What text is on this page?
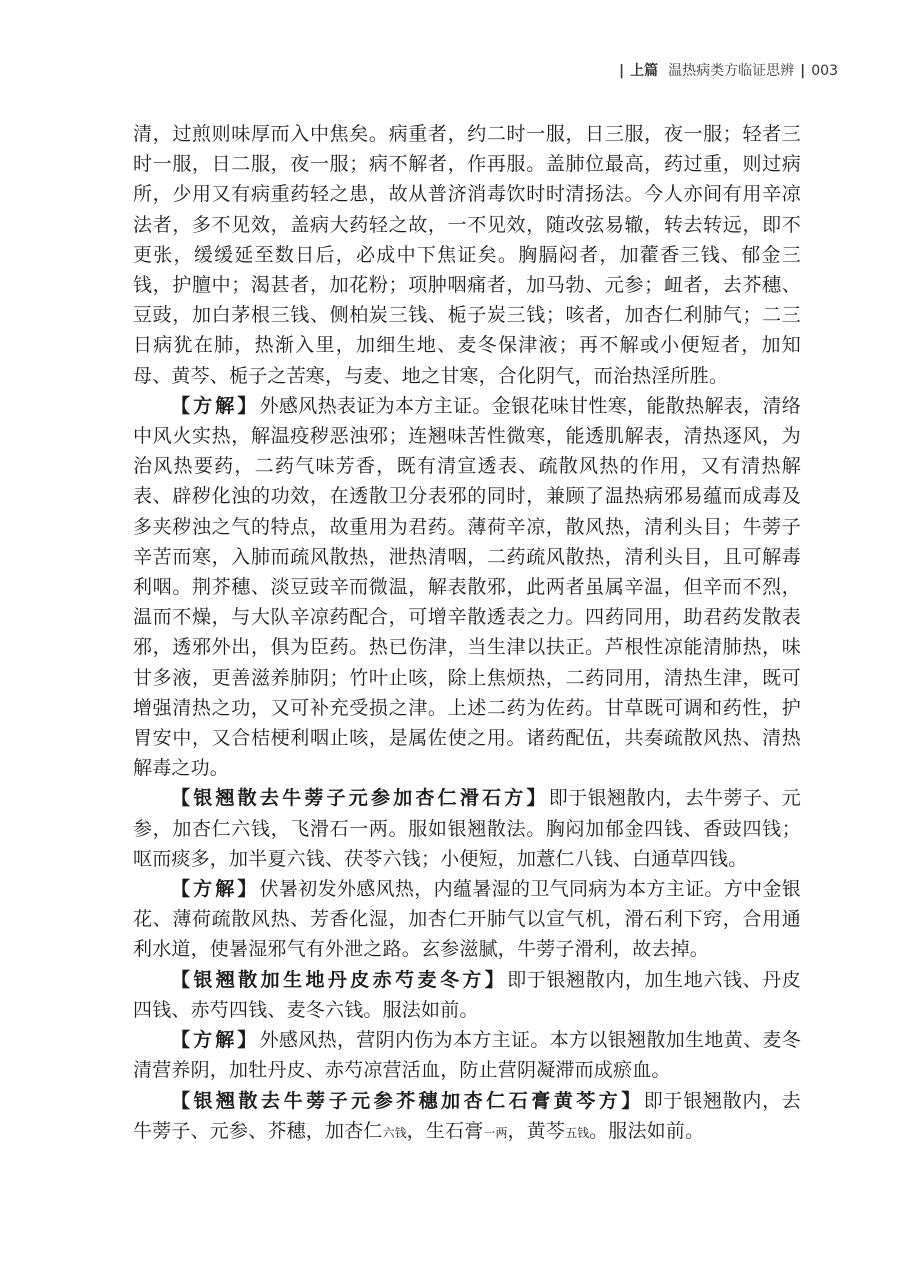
| 上篇 温热病类方临证思辨 | 003

清，过煎则味厚而入中焦矣。病重者，约二时一服，日三服，夜一服；轻者三时一服，日二服，夜一服；病不解者，作再服。盖肺位最高，药过重，则过病所，少用又有病重药轻之患，故从普济消毒饮时时清扬法。今人亦间有用辛凉法者，多不见效，盖病大药轻之故，一不见效，随改弦易辙，转去转远，即不更张，缓缓延至数日后，必成中下焦证矣。胸膈闷者，加藿香三钱、郁金三钱，护膻中；渴甚者，加花粉；项肿咽痛者，加马勃、元参；衄者，去芥穗、豆豉，加白茅根三钱、侧柏炭三钱、栀子炭三钱；咳者，加杏仁利肺气；二三日病犹在肺，热渐入里，加细生地、麦冬保津液；再不解或小便短者，加知母、黄芩、栀子之苦寒，与麦、地之甘寒，合化阴气，而治热淫所胜。

【方解】外感风热表证为本方主证。金银花味甘性寒，能散热解表，清络中风火实热，解温疫秽恶浊邪；连翘味苦性微寒，能透肌解表，清热逐风，为治风热要药，二药气味芳香，既有清宣透表、疏散风热的作用，又有清热解表、辟秽化浊的功效，在透散卫分表邪的同时，兼顾了温热病邪易蕴而成毒及多夹秽浊之气的特点，故重用为君药。薄荷辛凉，散风热，清利头目；牛蒡子辛苦而寒，入肺而疏风散热，泄热清咽，二药疏风散热，清利头目，且可解毒利咽。荆芥穗、淡豆豉辛而微温，解表散邪，此两者虽属辛温，但辛而不烈，温而不燥，与大队辛凉药配合，可增辛散透表之力。四药同用，助君药发散表邪，透邪外出，俱为臣药。热已伤津，当生津以扶正。芦根性凉能清肺热，味甘多液，更善滋养肺阴；竹叶止咳，除上焦烦热，二药同用，清热生津，既可增强清热之功，又可补充受损之津。上述二药为佐药。甘草既可调和药性，护胃安中，又合桔梗利咽止咳，是属佐使之用。诸药配伍，共奏疏散风热、清热解毒之功。

【银翘散去牛蒡子元参加杏仁滑石方】即于银翘散内，去牛蒡子、元参，加杏仁六钱，飞滑石一两。服如银翘散法。胸闷加郁金四钱、香豉四钱；呕而痰多，加半夏六钱、茯苓六钱；小便短，加薏仁八钱、白通草四钱。

【方解】伏暑初发外感风热，内蕴暑湿的卫气同病为本方主证。方中金银花、薄荷疏散风热、芳香化湿，加杏仁开肺气以宣气机，滑石利下窍，合用通利水道，使暑湿邪气有外泄之路。玄参滋腻，牛蒡子滑利，故去掉。

【银翘散加生地丹皮赤芍麦冬方】即于银翘散内，加生地六钱、丹皮四钱、赤芍四钱、麦冬六钱。服法如前。

【方解】外感风热，营阴内伤为本方主证。本方以银翘散加生地黄、麦冬清营养阴，加牡丹皮、赤芍凉营活血，防止营阴凝滞而成瘀血。

【银翘散去牛蒡子元参芥穗加杏仁石膏黄芩方】即于银翘散内，去牛蒡子、元参、芥穗，加杏仁六钱，生石膏一两，黄芩五钱。服法如前。
